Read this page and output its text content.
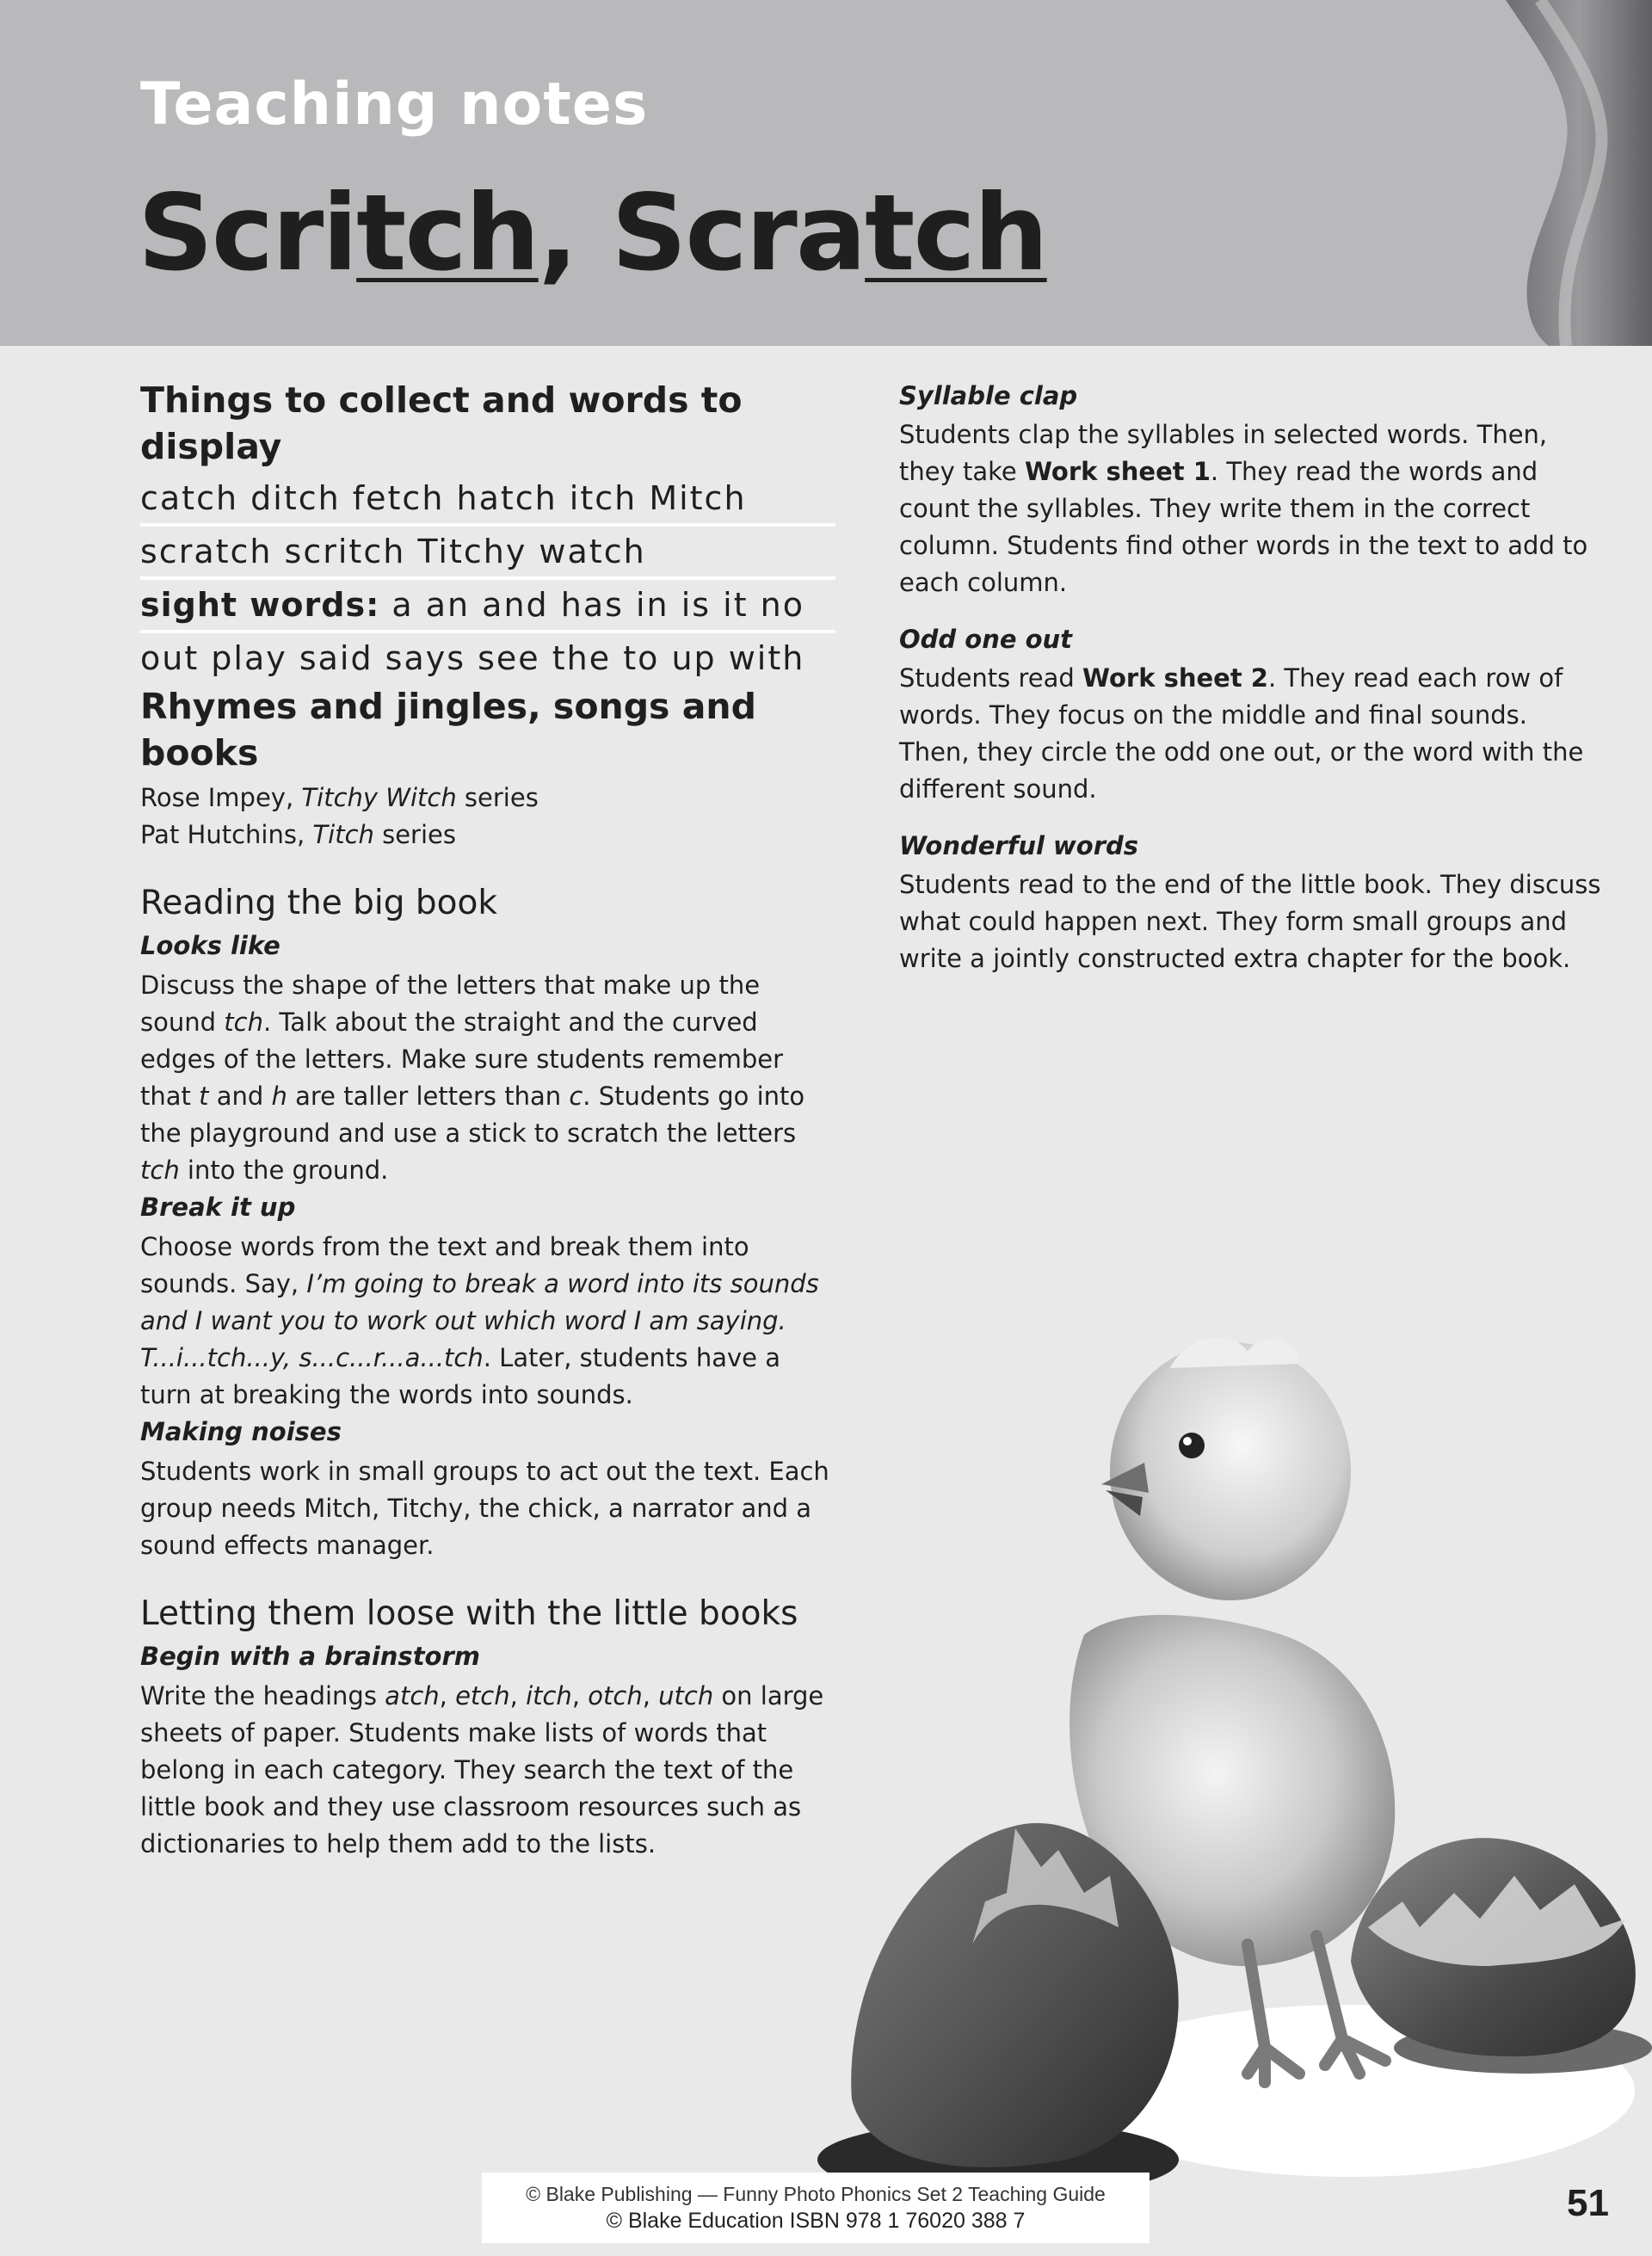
Teaching notes
Scritch, Scratch
Things to collect and words to display
catch ditch fetch hatch itch Mitch
scratch scritch Titchy watch
sight words: a an and has in is it no
out play said says see the to up with
Rhymes and jingles, songs and books

Rose Impey, Titchy Witch series

Pat Hutchins, Titch series

Reading the big book
Looks like

Discuss the shape of the letters that make up the sound tch. Talk about the straight and the curved edges of the letters. Make sure students remember that t and h are taller letters than c. Students go into the playground and use a stick to scratch the letters tch into the ground.

Break it up

Choose words from the text and break them into sounds. Say, I’m going to break a word into its sounds and I want you to work out which word I am saying. T...i...tch...y, s...c...r...a...tch. Later, students have a turn at breaking the words into sounds.

Making noises

Students work in small groups to act out the text. Each group needs Mitch, Titchy, the chick, a narrator and a sound effects manager.

Letting them loose with the little books
Begin with a brainstorm

Write the headings atch, etch, itch, otch, utch on large sheets of paper. Students make lists of words that belong in each category. They search the text of the little book and they use classroom resources such as dictionaries to help them add to the lists.

Syllable clap

Students clap the syllables in selected words. Then, they take Work sheet 1. They read the words and count the syllables. They write them in the correct column. Students find other words in the text to add to each column.

Odd one out

Students read Work sheet 2. They read each row of words. They focus on the middle and final sounds. Then, they circle the odd one out, or the word with the different sound.

Wonderful words

Students read to the end of the little book. They discuss what could happen next. They form small groups and write a jointly constructed extra chapter for the book.

© Blake Publishing — Funny Photo Phonics Set 2 Teaching Guide
© Blake Education ISBN 978 1 76020 388 7	51
